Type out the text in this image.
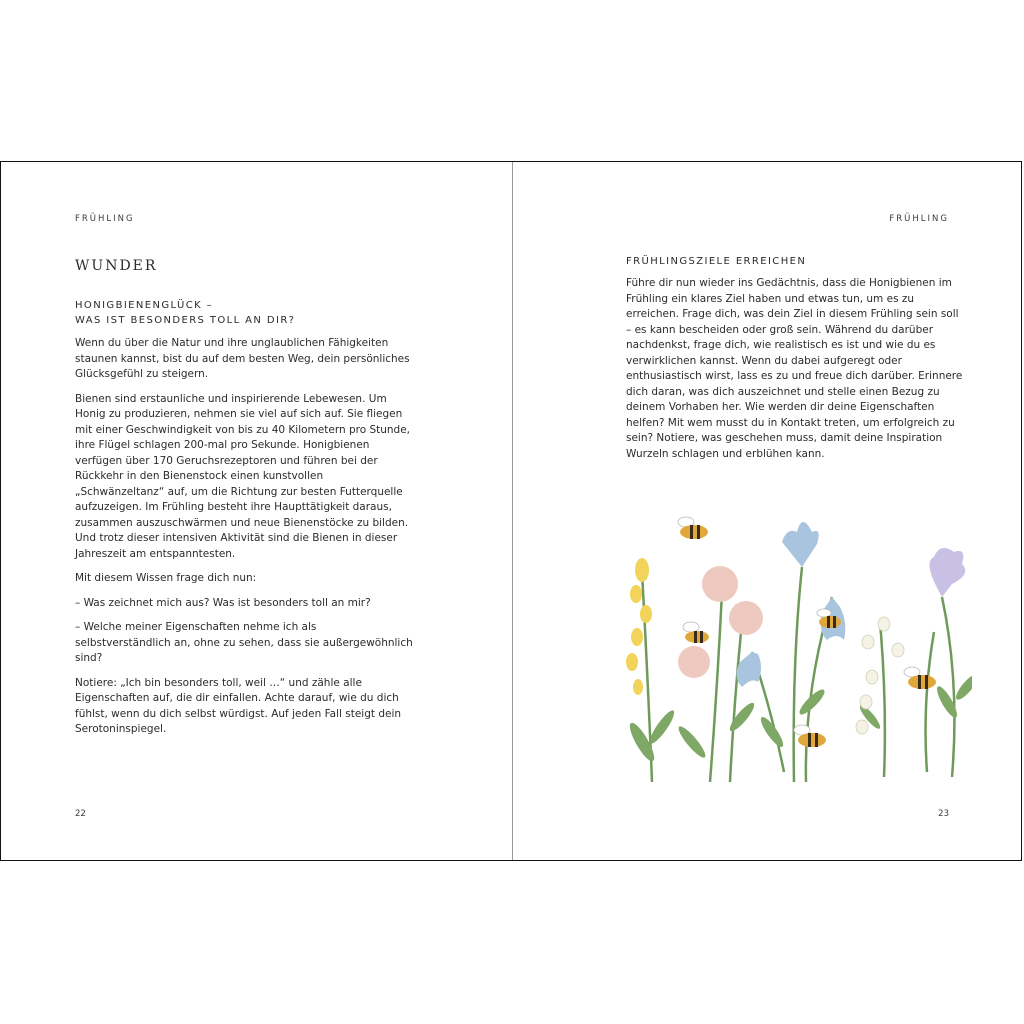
FRÜHLING
WUNDER
HONIGBIENENGLÜCK –
WAS IST BESONDERS TOLL AN DIR?

Wenn du über die Natur und ihre unglaublichen Fähigkeiten staunen kannst, bist du auf dem besten Weg, dein persönliches Glücksgefühl zu steigern.

Bienen sind erstaunliche und inspirierende Lebewesen. Um Honig zu produzieren, nehmen sie viel auf sich auf. Sie fliegen mit einer Geschwindigkeit von bis zu 40 Kilometern pro Stunde, ihre Flügel schlagen 200-mal pro Sekunde. Honigbienen verfügen über 170 Geruchsrezeptoren und führen bei der Rückkehr in den Bienenstock einen kunstvollen „Schwänzeltanz“ auf, um die Richtung zur besten Futterquelle aufzuzeigen. Im Frühling besteht ihre Haupttätigkeit daraus, zusammen auszuschwärmen und neue Bienenstöcke zu bilden. Und trotz dieser intensiven Aktivität sind die Bienen in dieser Jahreszeit am entspanntesten.

Mit diesem Wissen frage dich nun:

– Was zeichnet mich aus? Was ist besonders toll an mir?

– Welche meiner Eigenschaften nehme ich als selbstverständlich an, ohne zu sehen, dass sie außergewöhnlich sind?

Notiere: „Ich bin besonders toll, weil …“ und zähle alle Eigenschaften auf, die dir einfallen. Achte darauf, wie du dich fühlst, wenn du dich selbst würdigst. Auf jeden Fall steigt dein Serotoninspiegel.

22
FRÜHLING
FRÜHLINGSZIELE ERREICHEN

Führe dir nun wieder ins Gedächtnis, dass die Honigbienen im Frühling ein klares Ziel haben und etwas tun, um es zu erreichen. Frage dich, was dein Ziel in diesem Frühling sein soll – es kann bescheiden oder groß sein. Während du darüber nachdenkst, frage dich, wie realistisch es ist und wie du es verwirklichen kannst. Wenn du dabei aufgeregt oder enthusiastisch wirst, lass es zu und freue dich darüber. Erinnere dich daran, was dich auszeichnet und stelle einen Bezug zu deinem Vorhaben her. Wie werden dir deine Eigenschaften helfen? Mit wem musst du in Kontakt treten, um erfolgreich zu sein? Notiere, was geschehen muss, damit deine Inspiration Wurzeln schlagen und erblühen kann.

23
